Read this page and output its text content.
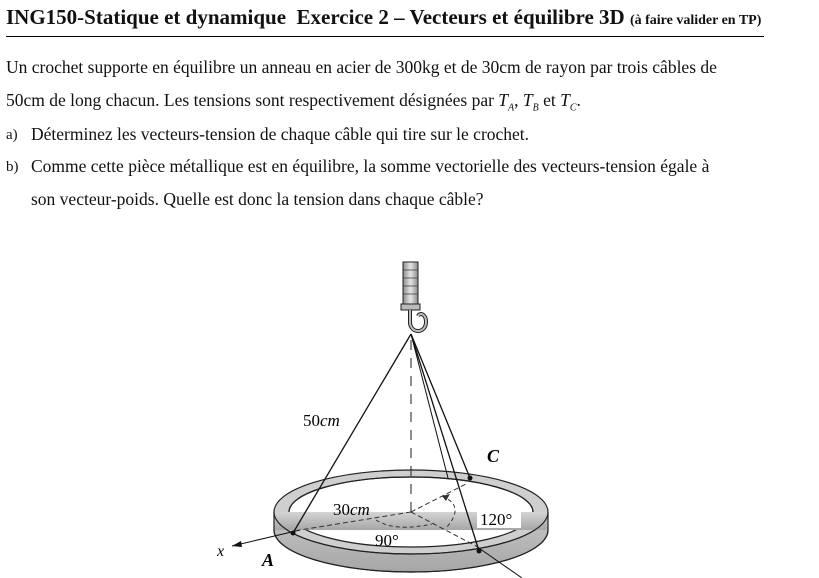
ING150-Statique et dynamique Exercice 2 – Vecteurs et équilibre 3D (à faire valider en TP)
Un crochet supporte en équilibre un anneau en acier de 300kg et de 30cm de rayon par trois câbles de
50cm de long chacun. Les tensions sont respectivement désignées par $T_A$, $T_B$ et $T_C$.
a) Déterminez les vecteurs-tension de chaque câble qui tire sur le crochet.
b) Comme cette pièce métallique est en équilibre, la somme vectorielle des vecteurs-tension égale à
son vecteur-poids. Quelle est donc la tension dans chaque câble?
50cm
30cm
90°
120°
C
A
x
